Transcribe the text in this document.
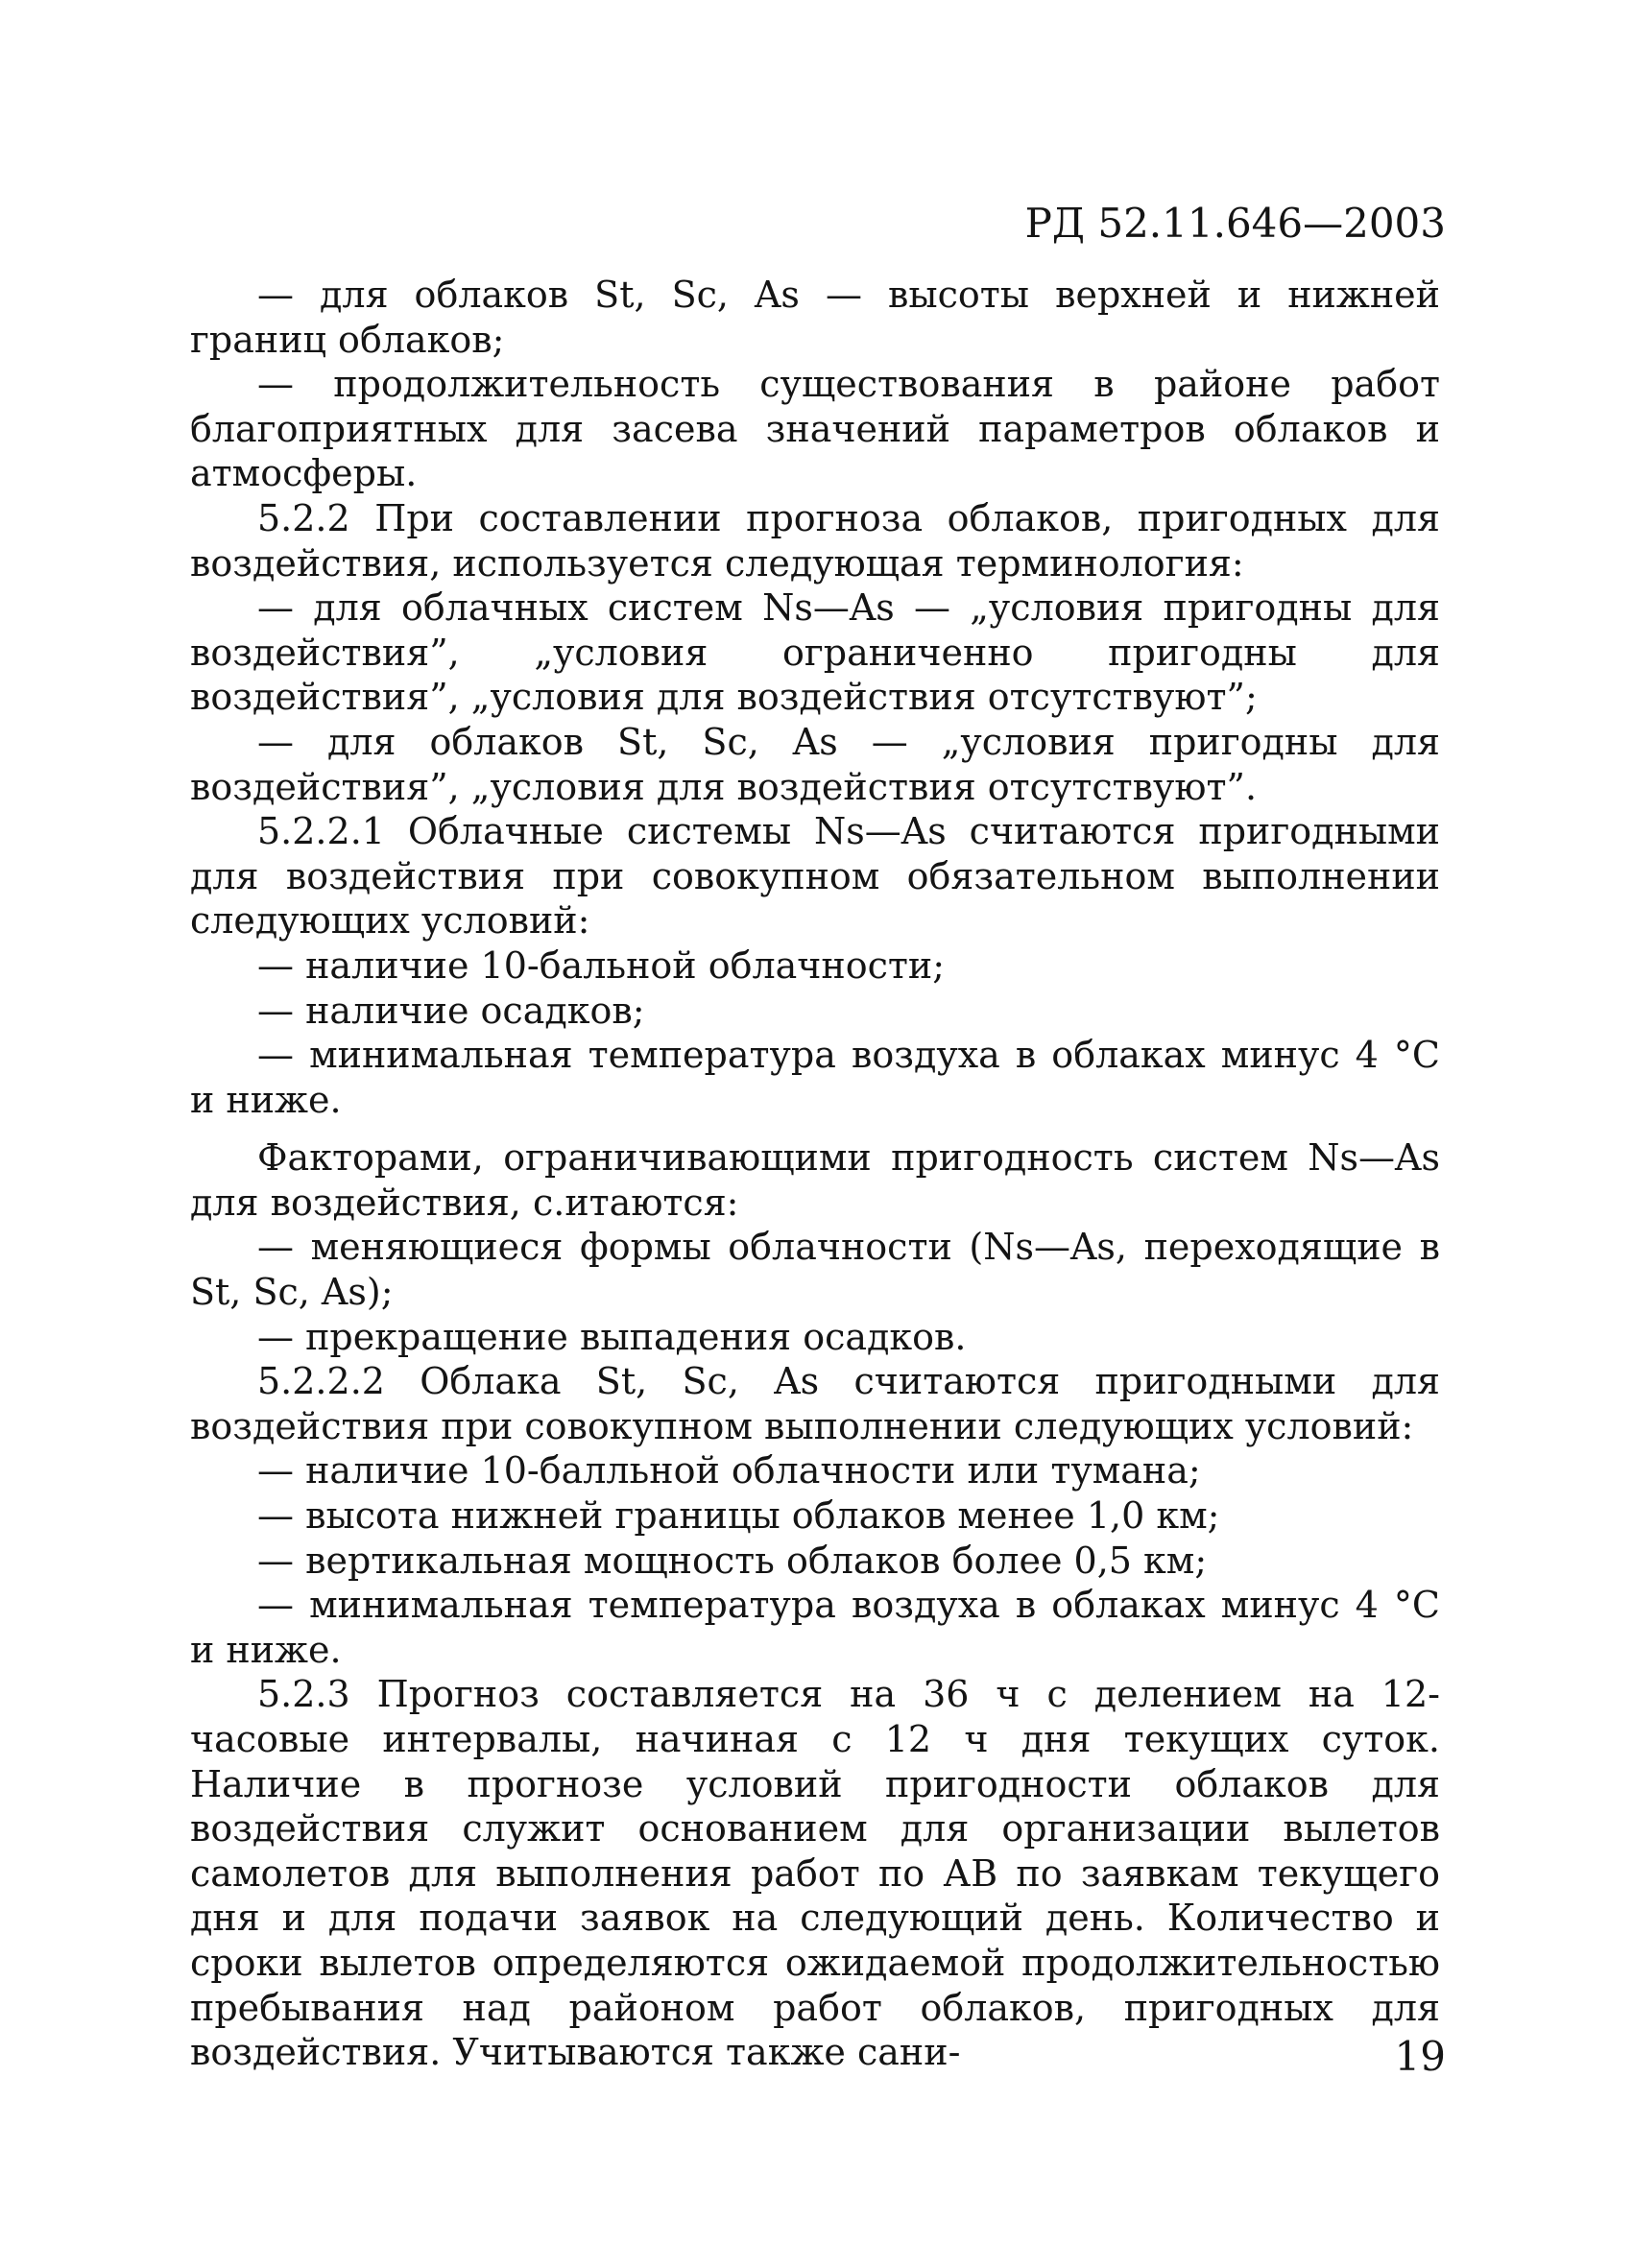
РД 52.11.646—2003

— для облаков St, Sc, As — высоты верхней и нижней границ облаков;

— продолжительность существования в районе работ благоприятных для засева значений параметров облаков и атмосферы.

5.2.2 При составлении прогноза облаков, пригодных для воздействия, используется следующая терминология:

— для облачных систем Ns—As — „условия пригодны для воздействия”, „условия ограниченно пригодны для воздействия”, „условия для воздействия отсутствуют”;

— для облаков St, Sc, As — „условия пригодны для воздействия”, „условия для воздействия отсутствуют”.

5.2.2.1 Облачные системы Ns—As считаются пригодными для воздействия при совокупном обязательном выполнении следующих условий:

— наличие 10-бальной облачности;

— наличие осадков;

— минимальная температура воздуха в облаках минус 4 °С и ниже.

Факторами, ограничивающими пригодность систем Ns—As для воздействия, с.итаются:

— меняющиеся формы облачности (Ns—As, переходящие в St, Sc, As);

— прекращение выпадения осадков.

5.2.2.2 Облака St, Sc, As считаются пригодными для воздействия при совокупном выполнении следующих условий:

— наличие 10-балльной облачности или тумана;

— высота нижней границы облаков менее 1,0 км;

— вертикальная мощность облаков более 0,5 км;

— минимальная температура воздуха в облаках минус 4 °С и ниже.

5.2.3 Прогноз составляется на 36 ч с делением на 12-часовые интервалы, начиная с 12 ч дня текущих суток. Наличие в прогнозе условий пригодности облаков для воздействия служит основанием для организации вылетов самолетов для выполнения работ по АВ по заявкам текущего дня и для подачи заявок на следующий день. Количество и сроки вылетов определяются ожидаемой продолжительностью пребывания над районом работ облаков, пригодных для воздействия. Учитываются также сани-	19
